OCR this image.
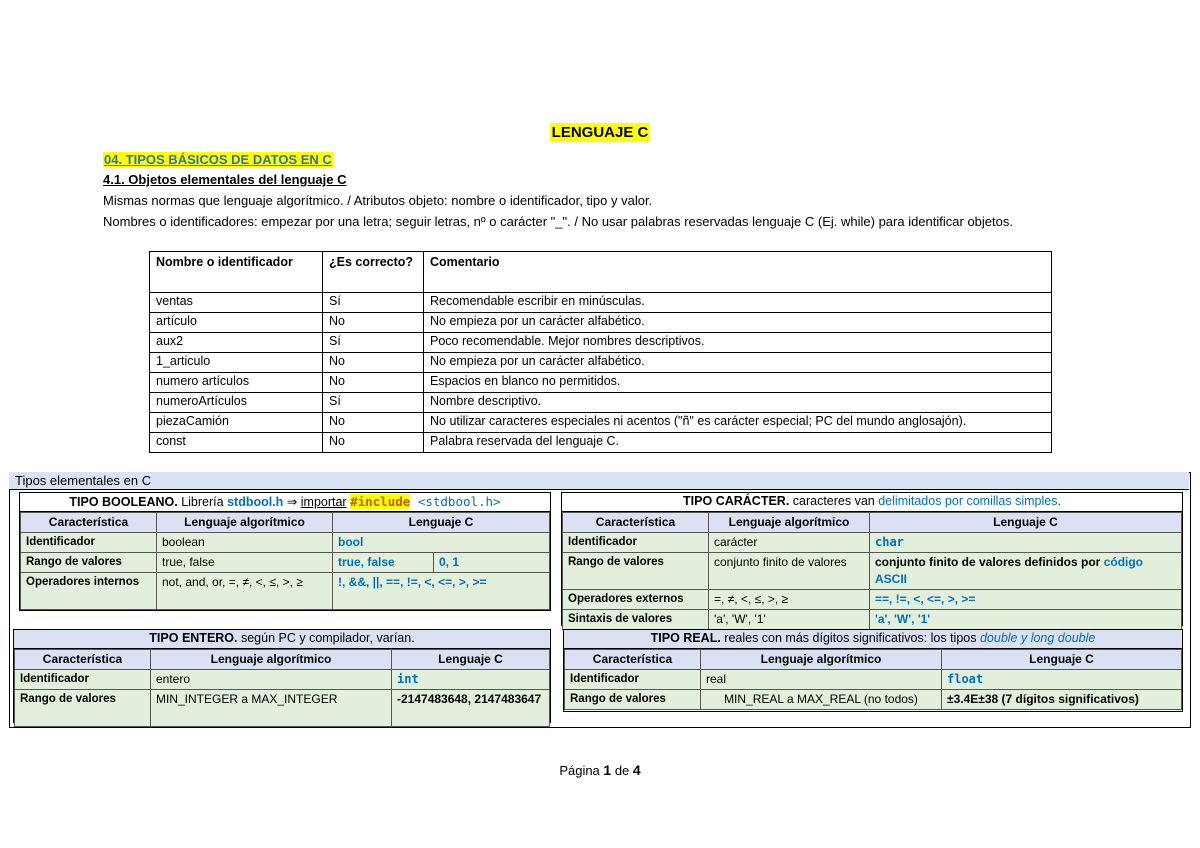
LENGUAJE C
04. TIPOS BÁSICOS DE DATOS EN C
4.1. Objetos elementales del lenguaje C
Mismas normas que lenguaje algorítmico. / Atributos objeto: nombre o identificador, tipo y valor.
Nombres o identificadores: empezar por una letra; seguir letras, nº o carácter "_". / No usar palabras reservadas lenguaje C (Ej. while) para identificar objetos.
Nombre o identificador	¿Es correcto?	Comentario
ventas	Sí	Recomendable escribir en minúsculas.
artículo	No	No empieza por un carácter alfabético.
aux2	Sí	Poco recomendable. Mejor nombres descriptivos.
1_articulo	No	No empieza por un carácter alfabético.
numero artículos	No	Espacios en blanco no permitidos.
numeroArtículos	Sí	Nombre descriptivo.
piezaCamión	No	No utilizar caracteres especiales ni acentos ("ñ" es carácter especial; PC del mundo anglosajón).
const	No	Palabra reservada del lenguaje C.
Tipos elementales en C
TIPO BOOLEANO. Librería stdbool.h ⇒ importar #include <stdbool.h>
Característica	Lenguaje algorítmico	Lenguaje C	
Identificador	boolean	bool	
Rango de valores	true, false	true, false	0, 1
Operadores internos	not, and, or, =, ≠, <, ≤, >, ≥	!, &&, ||, ==, !=, <, <=, >, >=	
TIPO CARÁCTER. caracteres van delimitados por comillas simples.
Característica	Lenguaje algorítmico	Lenguaje C
Identificador	carácter	char
Rango de valores	conjunto finito de valores	conjunto finito de valores definidos por código ASCII
Operadores externos	=, ≠, <, ≤, >, ≥	==, !=, <, <=, >, >=
Sintaxis de valores	'a', 'W', '1'	'a', 'W', '1'
TIPO ENTERO. según PC y compilador, varían.
Característica	Lenguaje algorítmico	Lenguaje C
Identificador	entero	int
Rango de valores	MIN_INTEGER a MAX_INTEGER	-2147483648, 2147483647
TIPO REAL. reales con más dígitos significativos: los tipos double y long double
Característica	Lenguaje algorítmico	Lenguaje C
Identificador	real	float
Rango de valores	MIN_REAL a MAX_REAL (no todos)	±3.4E±38 (7 dígitos significativos)
Página 1 de 4
